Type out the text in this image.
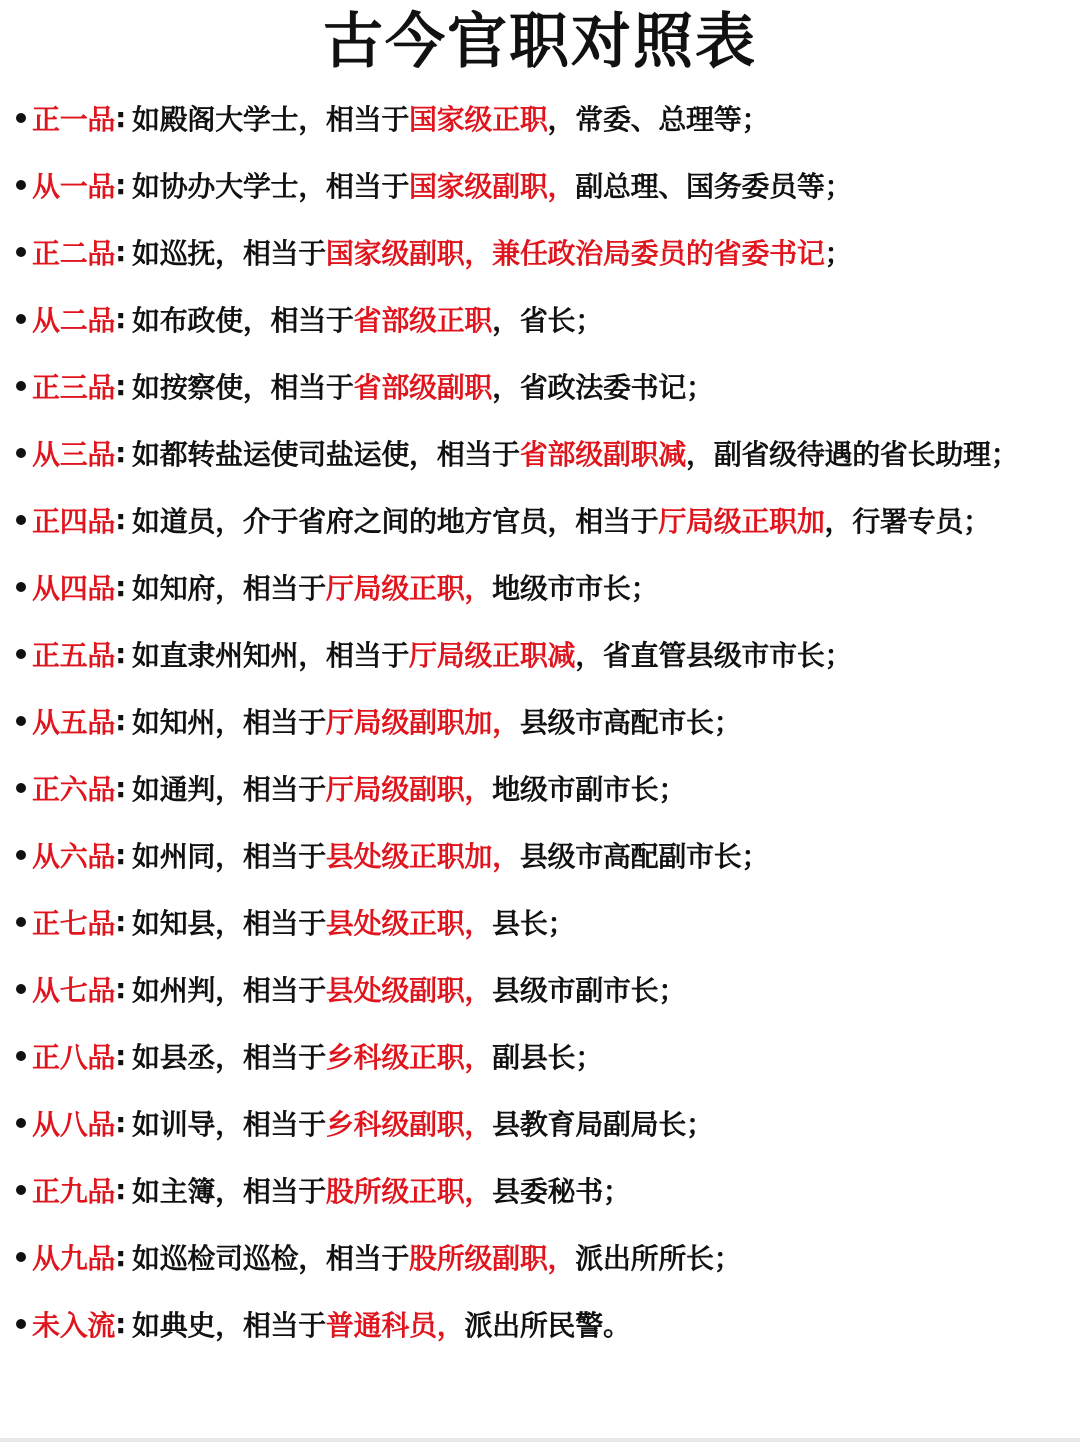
古今官职对照表
正一品 : 如殿阁大学士，相当于 国家级正职 ，常委、总理等；
从一品 : 如协办大学士，相当于 国家级副职， 副总理、国务委员等；
正二品 : 如巡抚，相当于 国家级副职，兼任政治局委员的省委书记 ；
从二品 : 如布政使，相当于 省部级正职 ，省长；
正三品 : 如按察使，相当于 省部级副职 ，省政法委书记；
从三品 : 如都转盐运使司盐运使，相当于 省部级副职减 ，副省级待遇的省长助理；
正四品 : 如道员，介于省府之间的地方官员，相当于 厅局级正职加 ，行署专员；
从四品 : 如知府，相当于 厅局级正职， 地级市市长；
正五品 : 如直隶州知州，相当于 厅局级正职减 ，省直管县级市市长；
从五品 : 如知州，相当于 厅局级副职加， 县级市高配市长；
正六品 : 如通判，相当于 厅局级副职， 地级市副市长；
从六品 : 如州同，相当于 县处级正职加， 县级市高配副市长；
正七品 : 如知县，相当于 县处级正职， 县长；
从七品 : 如州判，相当于 县处级副职， 县级市副市长；
正八品 : 如县丞，相当于 乡科级正职， 副县长；
从八品 : 如训导，相当于 乡科级副职， 县教育局副局长；
正九品 : 如主簿，相当于 股所级正职， 县委秘书；
从九品 : 如巡检司巡检，相当于 股所级副职， 派出所所长；
未入流 : 如典史，相当于 普通科员， 派出所民警。
